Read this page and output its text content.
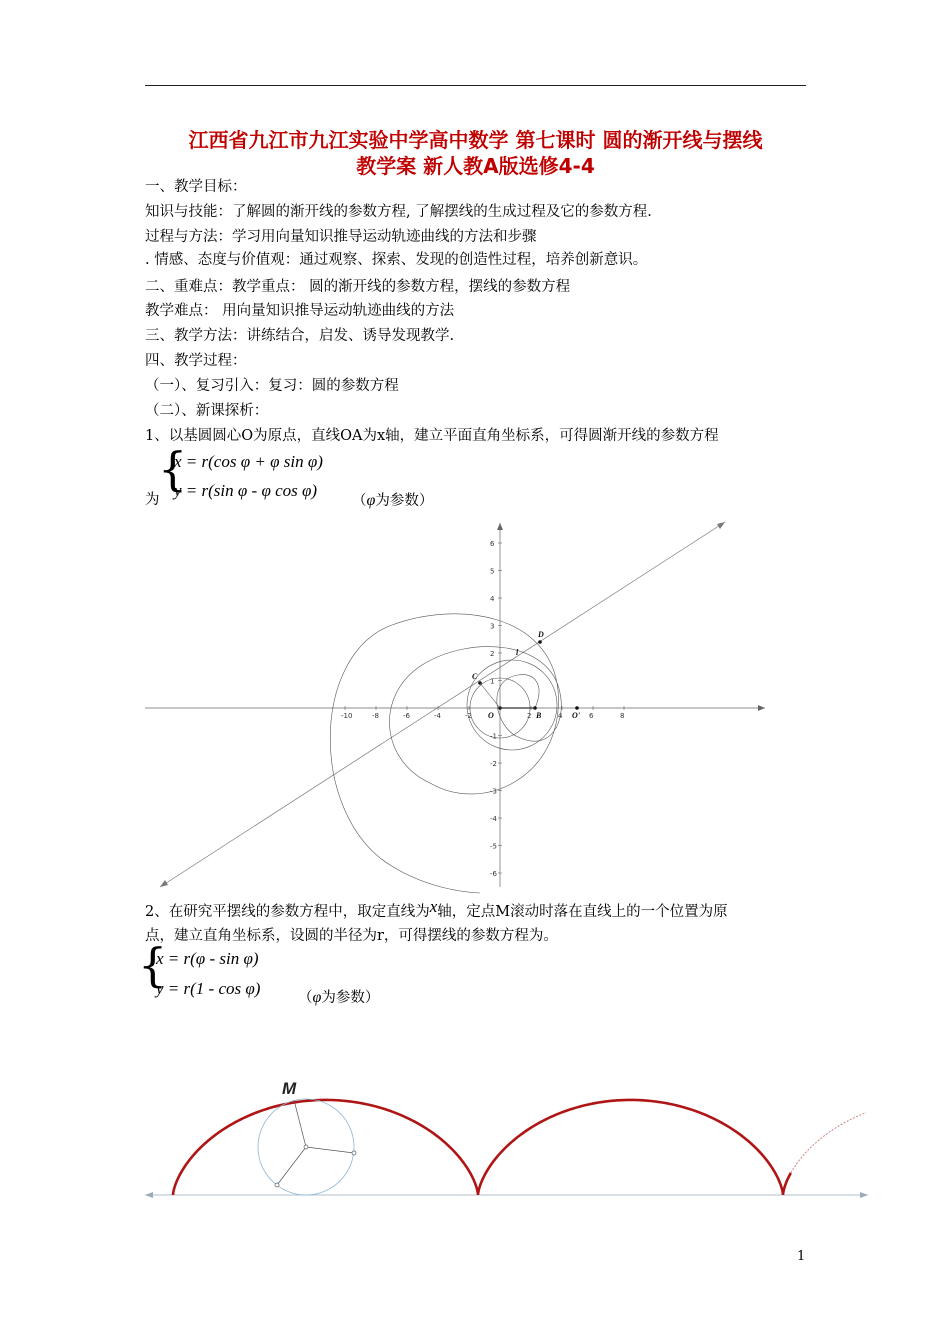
江西省九江市九江实验中学高中数学 第七课时 圆的渐开线与摆线
教学案 新人教A版选修4-4
一、教学目标：
知识与技能：了解圆的渐开线的参数方程, 了解摆线的生成过程及它的参数方程.
过程与方法：学习用向量知识推导运动轨迹曲线的方法和步骤
. 情感、态度与价值观：通过观察、探索、发现的创造性过程，培养创新意识。
二、重难点：教学重点： 圆的渐开线的参数方程，摆线的参数方程
教学难点： 用向量知识推导运动轨迹曲线的方法
三、教学方法：讲练结合，启发、诱导发现教学.
四、教学过程：
（一）、复习引入：复习：圆的参数方程
（二）、新课探析：
1、以基圆圆心O为原点，直线OA为x轴，建立平面直角坐标系，可得圆渐开线的参数方程
为
{
x = r(cos φ + φ sin φ)
y = r(sin φ - φ cos φ)
（φ为参数）
-10	-8	-6	-4	-2	2	4	6	8
6
5
4
3
2
1
-1
-2
-3
-4
-5
-6
O	B	O'
C
D
l
2、在研究平摆线的参数方程中，取定直线为x轴，定点M滚动时落在直线上的一个位置为原
点，建立直角坐标系，设圆的半径为r，可得摆线的参数方程为。
{
x = r(φ - sin φ)
y = r(1 - cos φ)	（φ为参数）
M
1
